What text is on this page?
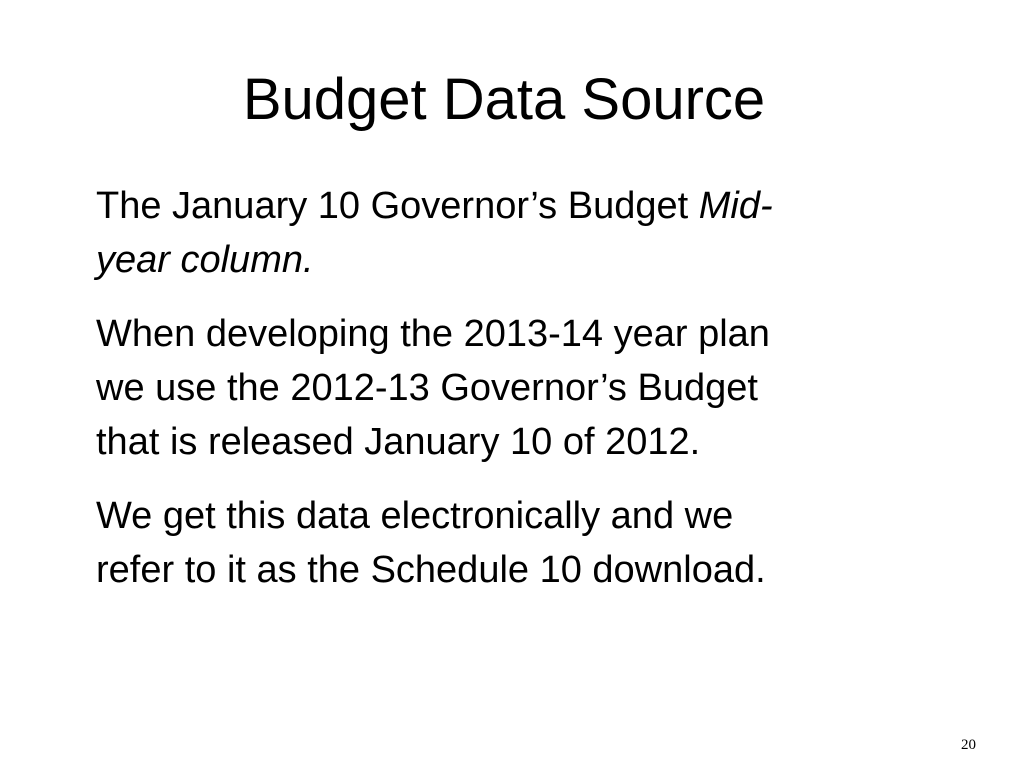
Budget Data Source

The January 10 Governor’s Budget Mid-
year column.

When developing the 2013-14 year plan
we use the 2012-13 Governor’s Budget
that is released January 10 of 2012.

We get this data electronically and we
refer to it as the Schedule 10 download.

20
